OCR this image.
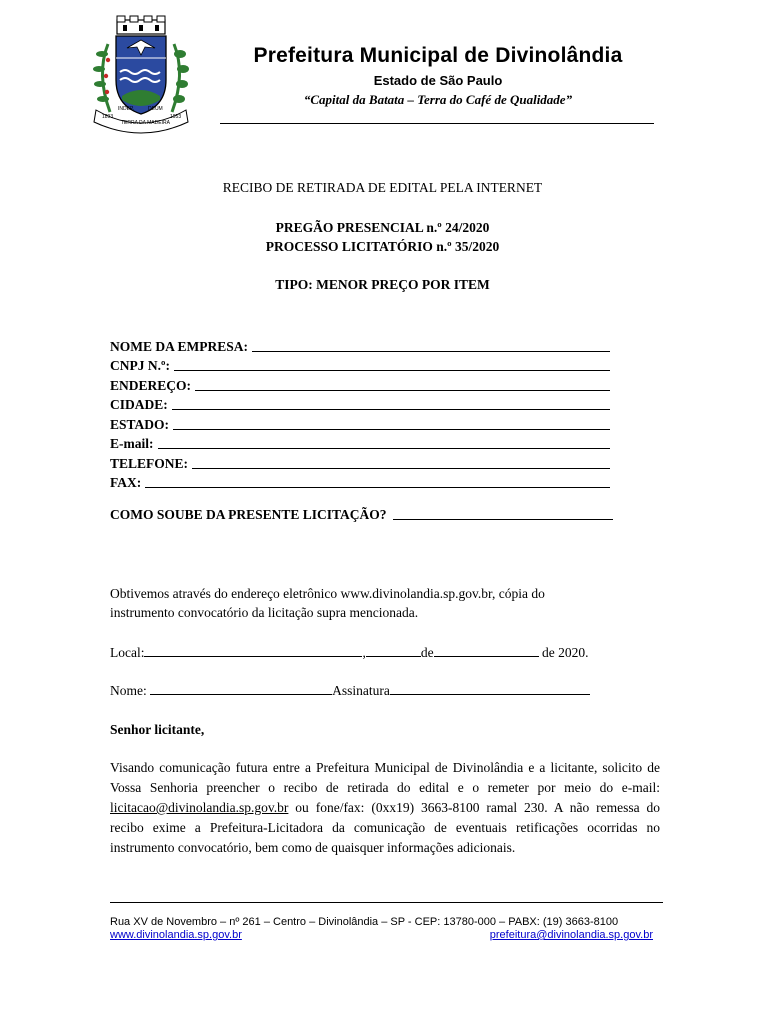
1893
TERRA DA MADEIRA
1953
INDEP.	DEUM
Prefeitura Municipal de Divinolândia
Estado de São Paulo
“Capital da Batata – Terra do Café de Qualidade”
RECIBO DE RETIRADA DE EDITAL PELA INTERNET
PREGÃO PRESENCIAL n.º 24/2020
PROCESSO LICITATÓRIO n.º 35/2020
TIPO: MENOR PREÇO POR ITEM
NOME DA EMPRESA:
CNPJ N.º:
ENDEREÇO:
CIDADE:
ESTADO:
E-mail:
TELEFONE:
FAX:
COMO SOUBE DA PRESENTE LICITAÇÃO?
Obtivemos através do endereço eletrônico www.divinolandia.sp.gov.br, cópia do
instrumento convocatório da licitação supra mencionada.
Local:	,	de	de 2020.
Nome:	Assinatura
Senhor licitante,
Visando comunicação futura entre a Prefeitura Municipal de Divinolândia e a licitante, solicito de Vossa Senhoria preencher o recibo de retirada do edital e o remeter por meio do e-mail: licitacao@divinolandia.sp.gov.br ou fone/fax: (0xx19) 3663-8100 ramal 230. A não remessa do recibo exime a Prefeitura-Licitadora da comunicação de eventuais retificações ocorridas no instrumento convocatório, bem como de quaisquer informações adicionais.
Rua XV de Novembro – nº 261 – Centro – Divinolândia – SP - CEP: 13780-000 – PABX: (19) 3663-8100
www.divinolandia.sp.gov.br	prefeitura@divinolandia.sp.gov.br
